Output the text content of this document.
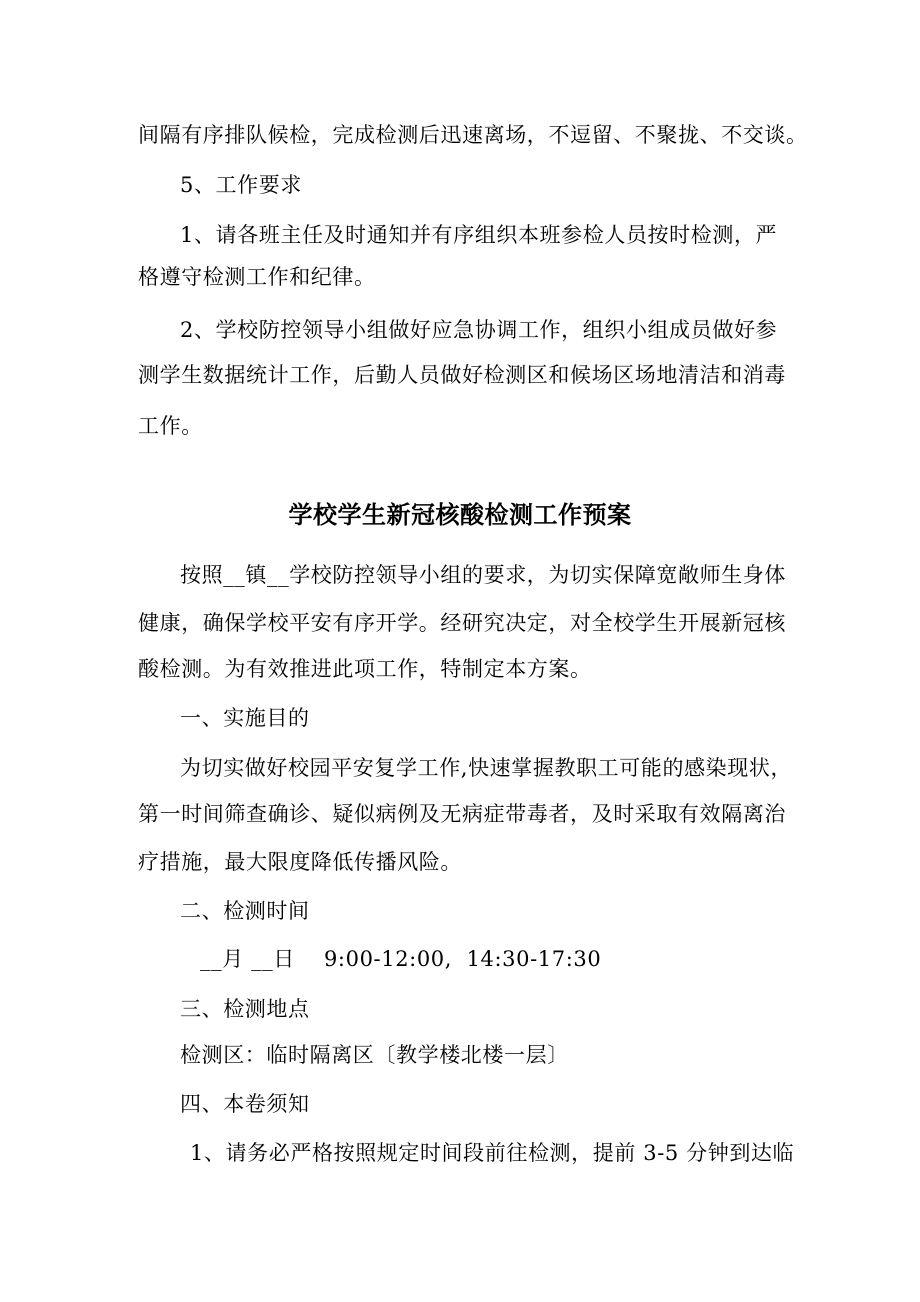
间隔有序排队候检，完成检测后迅速离场，不逗留、不聚拢、不交谈。

5、工作要求

1、请各班主任及时通知并有序组织本班参检人员按时检测，严

格遵守检测工作和纪律。

2、学校防控领导小组做好应急协调工作，组织小组成员做好参

测学生数据统计工作，后勤人员做好检测区和候场区场地清洁和消毒

工作。

学校学生新冠核酸检测工作预案

按照__镇__学校防控领导小组的要求，为切实保障宽敞师生身体

健康，确保学校平安有序开学。经研究决定，对全校学生开展新冠核

酸检测。为有效推进此项工作，特制定本方案。

一、实施目的

为切实做好校园平安复学工作,快速掌握教职工可能的感染现状，

第一时间筛查确诊、疑似病例及无病症带毒者，及时采取有效隔离治

疗措施，最大限度降低传播风险。

二、检测时间

__月 __日    9:00-12:00,  14:30-17:30

三、检测地点

检测区：临时隔离区〔教学楼北楼一层〕

四、本卷须知

1、请务必严格按照规定时间段前往检测，提前 3-5 分钟到达临
